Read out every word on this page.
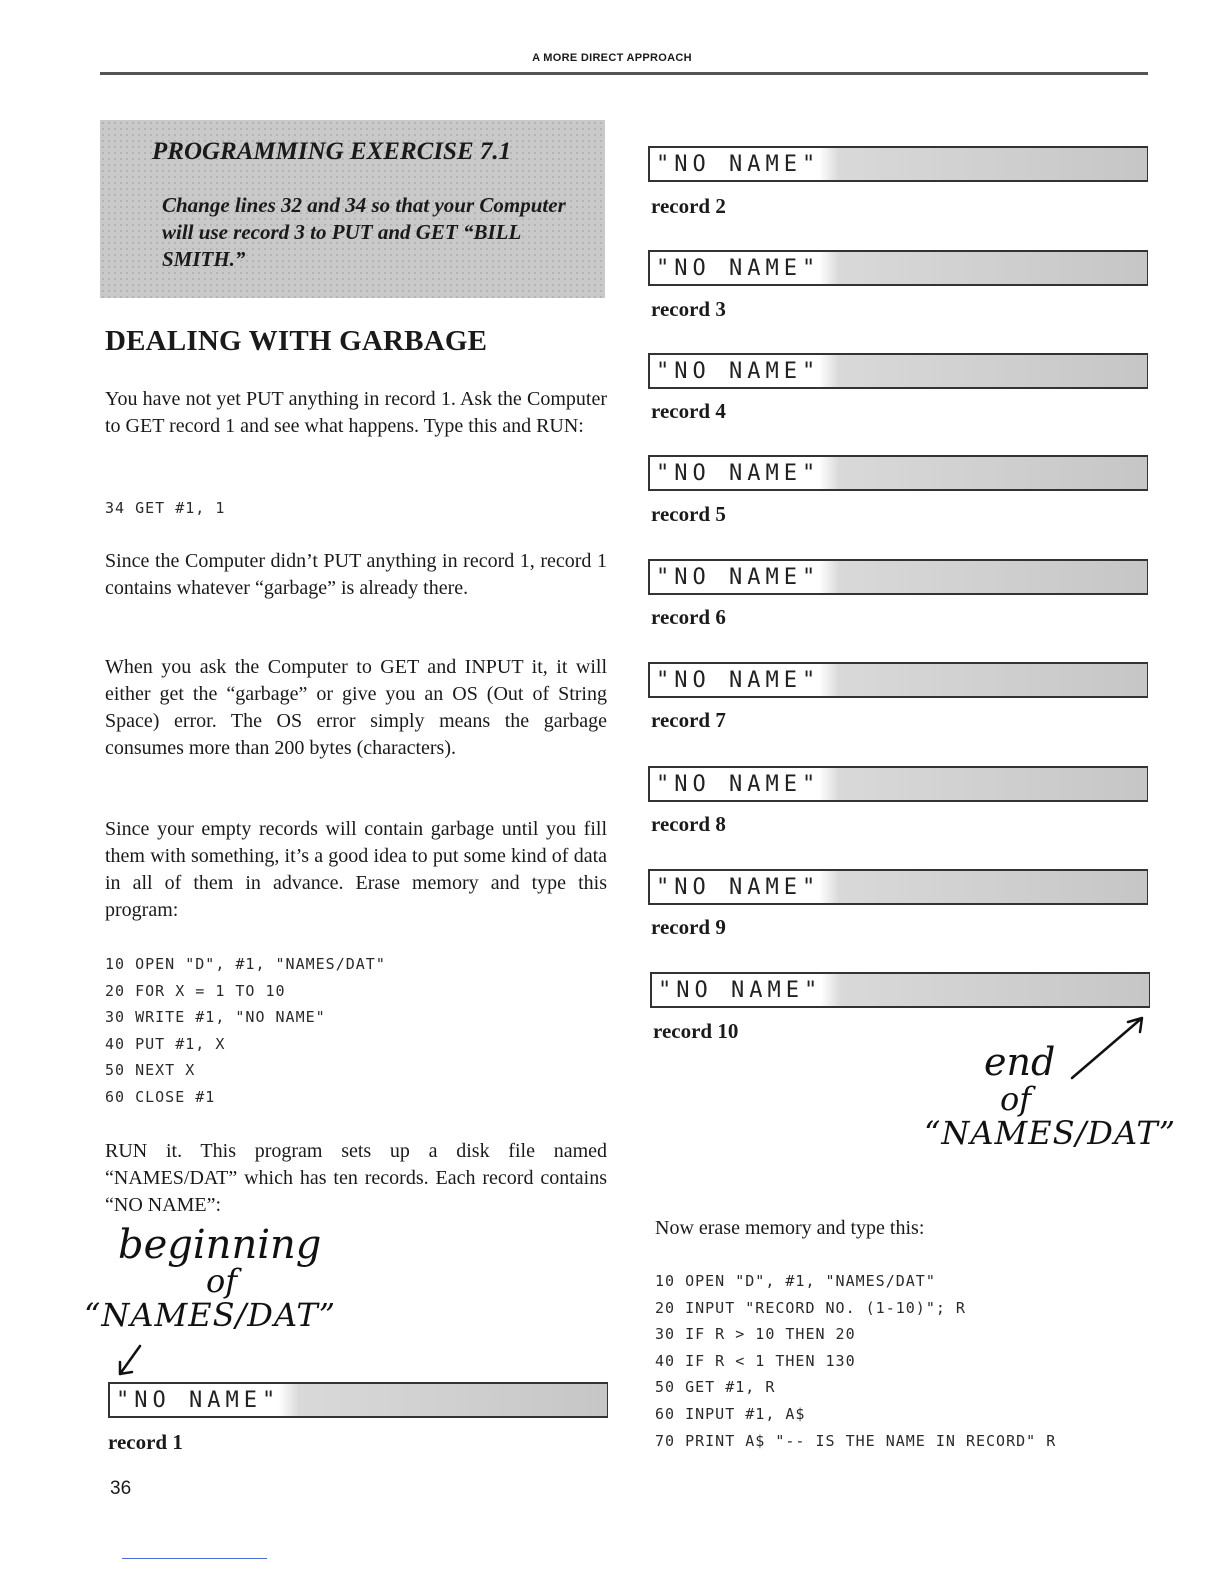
A MORE DIRECT APPROACH
PROGRAMMING EXERCISE 7.1
Change lines 32 and 34 so that your Computer will use record 3 to PUT and GET “BILL SMITH.”
DEALING WITH GARBAGE

You have not yet PUT anything in record 1. Ask the Computer to GET record 1 and see what happens. Type this and RUN:

34 GET #1, 1

Since the Computer didn’t PUT anything in record 1, record 1 contains whatever “garbage” is already there.

When you ask the Computer to GET and INPUT it, it will either get the “garbage” or give you an OS (Out of String Space) error. The OS error simply means the garbage consumes more than 200 bytes (characters).

Since your empty records will contain garbage until you fill them with something, it’s a good idea to put some kind of data in all of them in advance. Erase memory and type this program:

10 OPEN "D", #1, "NAMES/DAT"
20 FOR X = 1 TO 10
30 WRITE #1, "NO NAME"
40 PUT #1, X
50 NEXT X
60 CLOSE #1

RUN it. This program sets up a disk file named “NAMES/DAT” which has ten records. Each record contains “NO NAME”:

beginning
of
“NAMES/DAT”
"NO NAME"
record 1
36
"NO NAME"
record 2
"NO NAME"
record 3
"NO NAME"
record 4
"NO NAME"
record 5
"NO NAME"
record 6
"NO NAME"
record 7
"NO NAME"
record 8
"NO NAME"
record 9
"NO NAME"
record 10
end
of
“NAMES/DAT”
Now erase memory and type this:
10 OPEN "D", #1, "NAMES/DAT"
20 INPUT "RECORD NO. (1-10)"; R
30 IF R > 10 THEN 20
40 IF R < 1 THEN 130
50 GET #1, R
60 INPUT #1, A$
70 PRINT A$ "-- IS THE NAME IN RECORD" R
